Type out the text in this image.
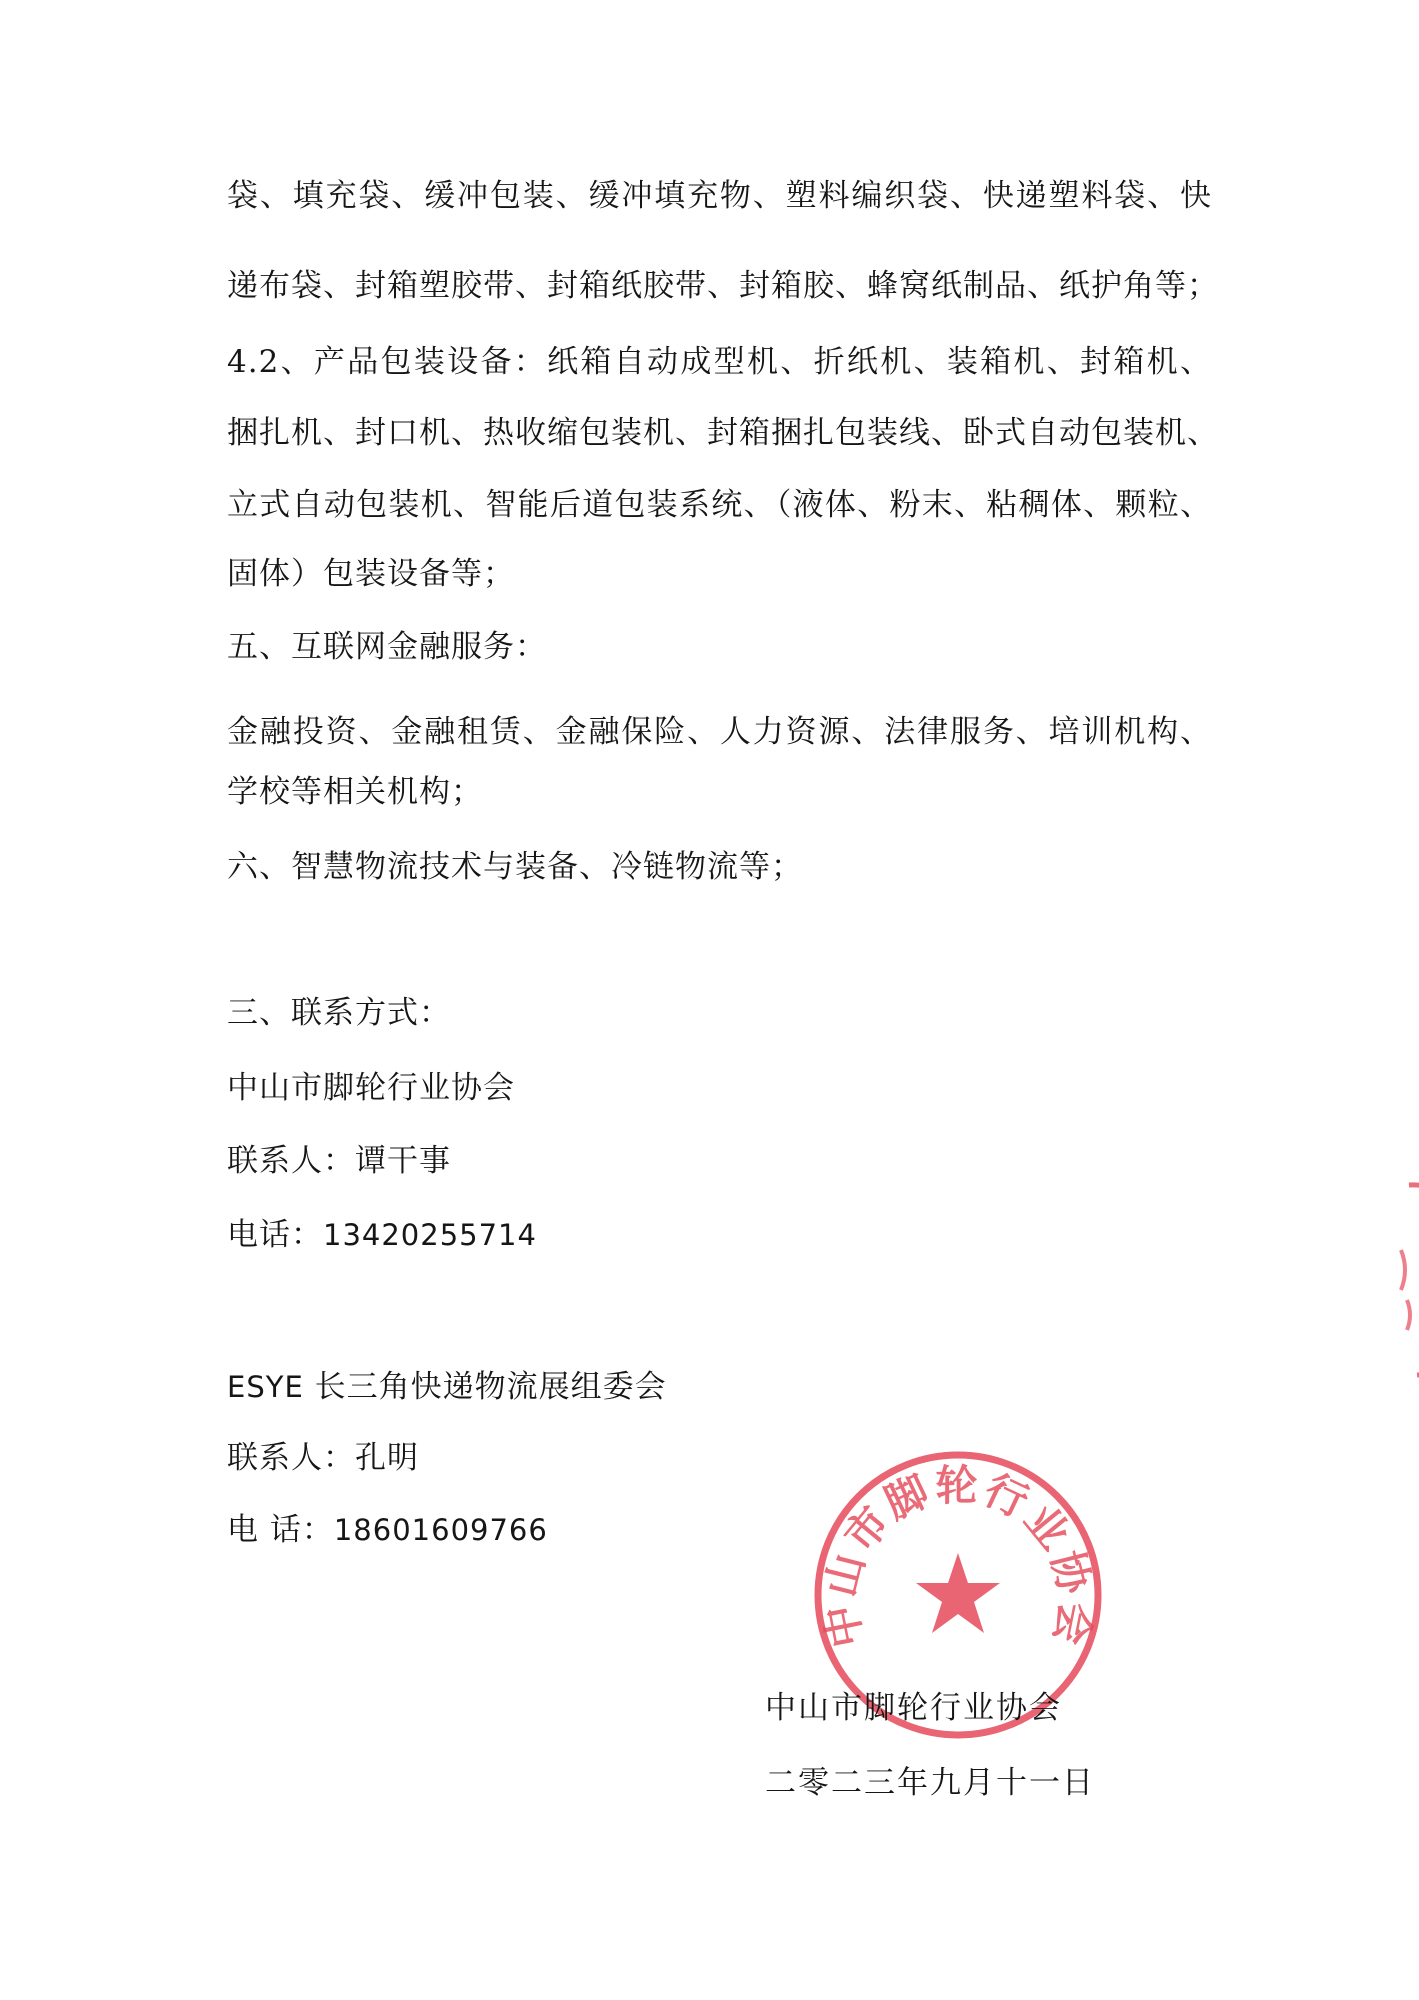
袋、填充袋、缓冲包装、缓冲填充物、塑料编织袋、快递塑料袋、快
递布袋、封箱塑胶带、封箱纸胶带、封箱胶、蜂窝纸制品、纸护角等；
4.2、产品包装设备：纸箱自动成型机、折纸机、装箱机、封箱机、
捆扎机、封口机、热收缩包装机、封箱捆扎包装线、卧式自动包装机、
立式自动包装机、智能后道包装系统、（液体、粉末、粘稠体、颗粒、
固体）包装设备等；
五、互联网金融服务：
金融投资、金融租赁、金融保险、人力资源、法律服务、培训机构、
学校等相关机构；
六、智慧物流技术与装备、冷链物流等；
三、联系方式：
中山市脚轮行业协会
联系人：谭干事
电话：13420255714
ESYE 长三角快递物流展组委会
联系人：孔明
电 话：18601609766
中山市脚轮行业协会
中山市脚轮行业协会
二零二三年九月十一日
